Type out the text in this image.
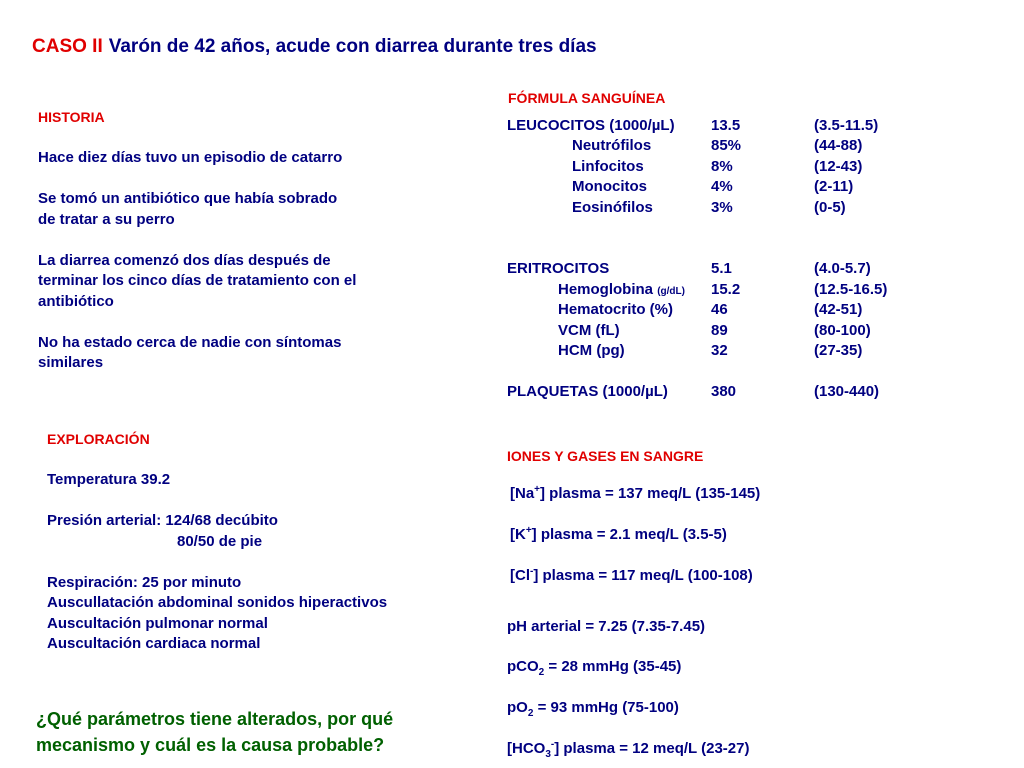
CASO II Varón de 42 años, acude con diarrea durante tres días
HISTORIA
Hace diez días tuvo un episodio de catarro
Se tomó un antibiótico que había sobrado
de tratar a su perro
La diarrea comenzó dos días después de
terminar los cinco días de tratamiento con el
antibiótico
No ha estado cerca de nadie con síntomas
similares
EXPLORACIÓN
Temperatura 39.2
Presión arterial: 124/68 decúbito
80/50 de pie
Respiración: 25 por minuto
Auscullatación abdominal sonidos hiperactivos
Auscultación pulmonar normal
Auscultación cardiaca normal
¿Qué parámetros tiene alterados, por qué
mecanismo y cuál es la causa probable?
FÓRMULA SANGUÍNEA
LEUCOCITOS (1000/µL) 13.5	(3.5-11.5)
Neutrófilos	85%	(44-88)
Linfocitos	8%	(12-43)
Monocitos	4%	(2-11)
Eosinófilos	3%	(0-5)
ERITROCITOS	5.1	(4.0-5.7)
Hemoglobina (g/dL) 15.2	(12.5-16.5)
Hematocrito (%)	46	(42-51)
VCM (fL)	89	(80-100)
HCM (pg)	32	(27-35)
PLAQUETAS (1000/µL)	380	(130-440)
IONES Y GASES EN SANGRE
[Na+] plasma = 137 meq/L (135-145)
[K+] plasma = 2.1 meq/L (3.5-5)
[Cl-] plasma = 117 meq/L (100-108)
pH arterial = 7.25 (7.35-7.45)
pCO$_2$ = 28 mmHg (35-45)
$pO_2 = 93$ mmHg (75-100)
$[HCO_3^-]$ plasma = 12 meq/L (23-27)
